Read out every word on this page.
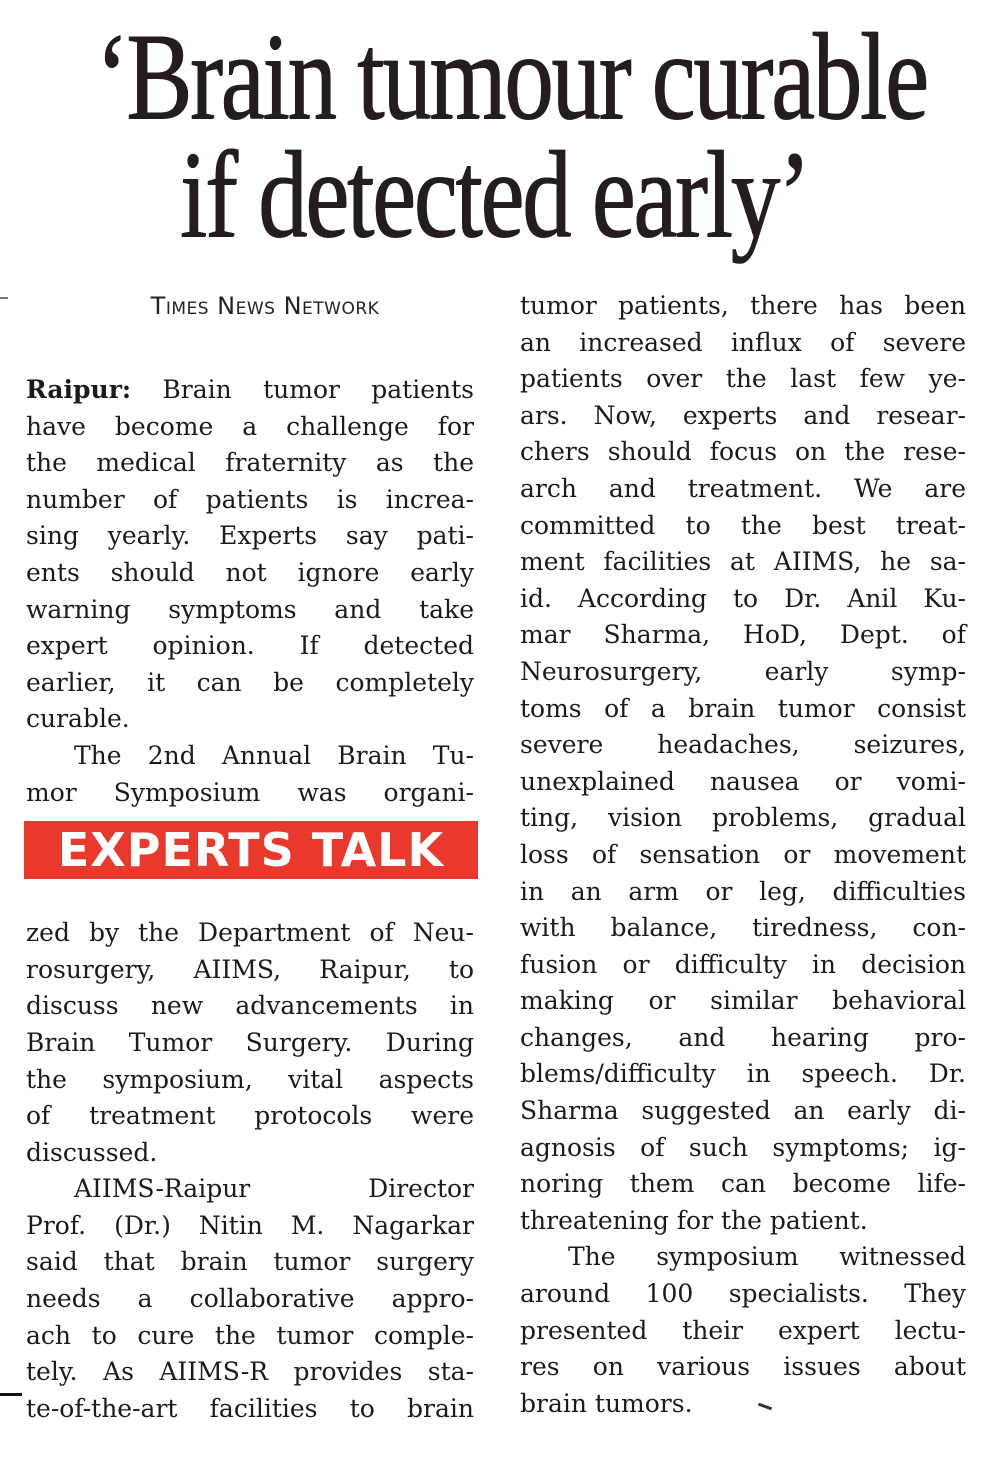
‘Brain tumour curable
if detected early’
Times News Network
Raipur: Brain tumor patients
have become a challenge for
the medical fraternity as the
number of patients is increa-
sing yearly. Experts say pati-
ents should not ignore early
warning symptoms and take
expert opinion. If detected
earlier, it can be completely
curable.
The 2nd Annual Brain Tu-
mor Symposium was organi-
EXPERTS TALK
zed by the Department of Neu-
rosurgery, AIIMS, Raipur, to
discuss new advancements in
Brain Tumor Surgery. During
the symposium, vital aspects
of treatment protocols were
discussed.
AIIMS-Raipur Director
Prof. (Dr.) Nitin M. Nagarkar
said that brain tumor surgery
needs a collaborative appro-
ach to cure the tumor comple-
tely. As AIIMS-R provides sta-
te-of-the-art facilities to brain
tumor patients, there has been
an increased influx of severe
patients over the last few ye-
ars. Now, experts and resear-
chers should focus on the rese-
arch and treatment. We are
committed to the best treat-
ment facilities at AIIMS, he sa-
id. According to Dr. Anil Ku-
mar Sharma, HoD, Dept. of
Neurosurgery, early symp-
toms of a brain tumor consist
severe headaches, seizures,
unexplained nausea or vomi-
ting, vision problems, gradual
loss of sensation or movement
in an arm or leg, difficulties
with balance, tiredness, con-
fusion or difficulty in decision
making or similar behavioral
changes, and hearing pro-
blems/difficulty in speech. Dr.
Sharma suggested an early di-
agnosis of such symptoms; ig-
noring them can become life-
threatening for the patient.
The symposium witnessed
around 100 specialists. They
presented their expert lectu-
res on various issues about
brain tumors.
